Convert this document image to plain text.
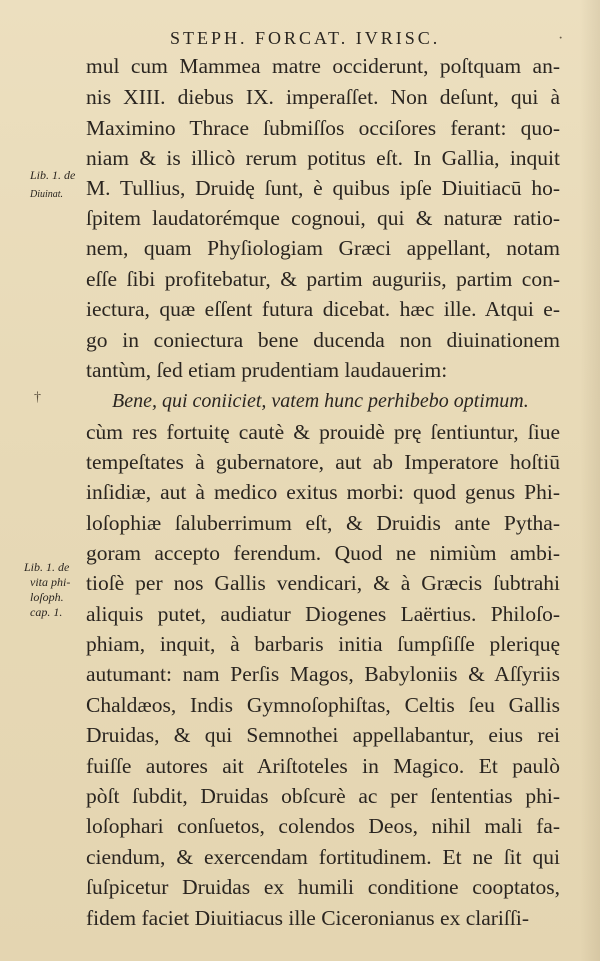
STEPH. FORCAT. IVRISC.	·
mul cum Mammea matre occiderunt, poſtquam an-
nis XIII. diebus IX. imperaſſet. Non deſunt, qui à
Maximino Thrace ſubmiſſos occiſores ferant: quo-
niam & is illicò rerum potitus eſt. In Gallia, inquit
M. Tullius, Druidę ſunt, è quibus ipſe Diuitiacū ho-
ſpitem laudatorémque cognoui, qui & naturæ ratio-
nem, quam Phyſiologiam Græci appellant, notam
eſſe ſibi profitebatur, & partim auguriis, partim con-
iectura, quæ eſſent futura dicebat. hæc ille. Atqui e-
go in coniectura bene ducenda non diuinationem
tantùm, ſed etiam prudentiam laudauerim:
Bene, qui coniiciet, vatem hunc perhibebo optimum.
cùm res fortuitę cautè & prouidè prę ſentiuntur, ſiue
tempeſtates à gubernatore, aut ab Imperatore hoſtiū
inſidiæ, aut à medico exitus morbi: quod genus Phi-
loſophiæ ſaluberrimum eſt, & Druidis ante Pytha-
goram accepto ferendum. Quod ne nimiùm ambi-
tioſè per nos Gallis vendicari, & à Græcis ſubtrahi
aliquis putet, audiatur Diogenes Laërtius. Philoſo-
phiam, inquit, à barbaris initia ſumpſiſſe pleriquę
autumant: nam Perſis Magos, Babyloniis & Aſſyriis
Chaldæos, Indis Gymnoſophiſtas, Celtis ſeu Gallis
Druidas, & qui Semnothei appellabantur, eius rei
fuiſſe autores ait Ariſtoteles in Magico. Et paulò
pòſt ſubdit, Druidas obſcurè ac per ſententias phi-
loſophari conſuetos, colendos Deos, nihil mali fa-
ciendum, & exercendam fortitudinem. Et ne ſit qui
ſuſpicetur Druidas ex humili conditione cooptatos,
fidem faciet Diuitiacus ille Ciceronianus ex clariſſi-
Lib. 1. de
Diuinat.
†
Lib. 1. de
vita phi-
loſoph.
cap. 1.
